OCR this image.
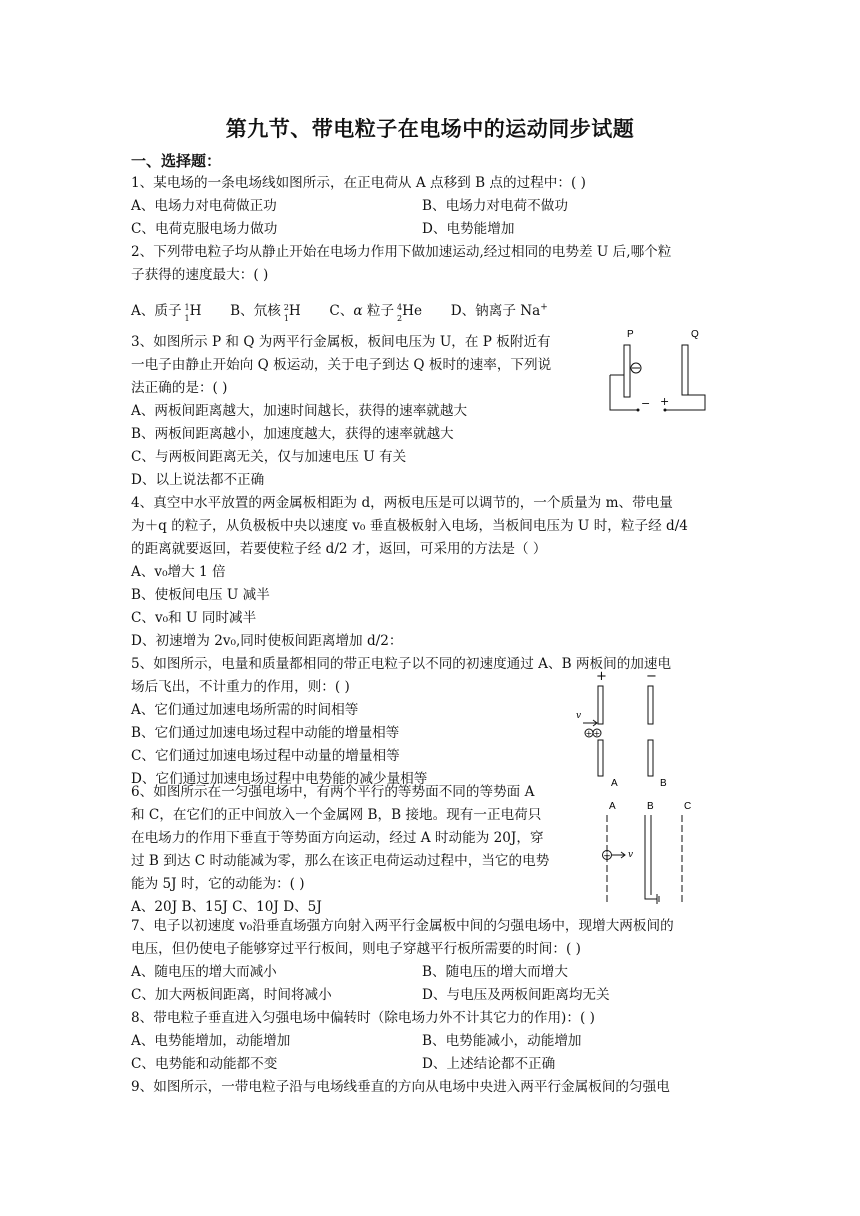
第九节、带电粒子在电场中的运动同步试题
一、选择题：
1、某电场的一条电场线如图所示，在正电荷从 A 点移到 B 点的过程中：( )
A、电场力对电荷做正功	B、电场力对电荷不做功
C、电荷克服电场力做功	D、电势能增加
2、下列带电粒子均从静止开始在电场力作用下做加速运动,经过相同的电势差 U 后,哪个粒
子获得的速度最大：( )
A、质子 1
1 H B、氘核 2
1 H C、α 粒子 4
2 He D、钠离子 Na+
3、如图所示 P 和 Q 为两平行金属板，板间电压为 U，在 P 板附近有
一电子由静止开始向 Q 板运动，关于电子到达 Q 板时的速率，下列说
法正确的是：( )
A、两板间距离越大，加速时间越长，获得的速率就越大
B、两板间距离越小，加速度越大，获得的速率就越大
C、与两板间距离无关，仅与加速电压 U 有关
D、以上说法都不正确
P	Q
− +
4、真空中水平放置的两金属板相距为 d，两板电压是可以调节的，一个质量为 m、带电量
为＋q 的粒子，从负极板中央以速度 v₀ 垂直极板射入电场，当板间电压为 U 时，粒子经 d/4
的距离就要返回，若要使粒子经 d/2 才，返回，可采用的方法是（ ）
A、v₀增大 1 倍
B、使板间电压 U 减半
C、v₀和 U 同时减半
D、初速增为 2v₀,同时使板间距离增加 d/2：
5、如图所示，电量和质量都相同的带正电粒子以不同的初速度通过 A、B 两板间的加速电
场后飞出，不计重力的作用，则：( )
A、它们通过加速电场所需的时间相等
B、它们通过加速电场过程中动能的增量相等
C、它们通过加速电场过程中动量的增量相等
D、它们通过加速电场过程中电势能的减少量相等
+	−
v
+ +
A	B
6、如图所示在一匀强电场中，有两个平行的等势面不同的等势面 A
和 C，在它们的正中间放入一个金属网 B，B 接地。现有一正电荷只
在电场力的作用下垂直于等势面方向运动，经过 A 时动能为 20J，穿
过 B 到达 C 时动能减为零，那么在该正电荷运动过程中，当它的电势
能为 5J 时，它的动能为：( )
A、20J B、15J C、10J D、5J
A	B	C
+ v
7、电子以初速度 v₀沿垂直场强方向射入两平行金属板中间的匀强电场中，现增大两板间的
电压，但仍使电子能够穿过平行板间，则电子穿越平行板所需要的时间：( )
A、随电压的增大而减小	B、随电压的增大而增大
C、加大两板间距离，时间将减小	D、与电压及两板间距离均无关
8、带电粒子垂直进入匀强电场中偏转时（除电场力外不计其它力的作用)：( )
A、电势能增加，动能增加	B、电势能减小，动能增加
C、电势能和动能都不变	D、上述结论都不正确
9、如图所示，一带电粒子沿与电场线垂直的方向从电场中央进入两平行金属板间的匀强电
